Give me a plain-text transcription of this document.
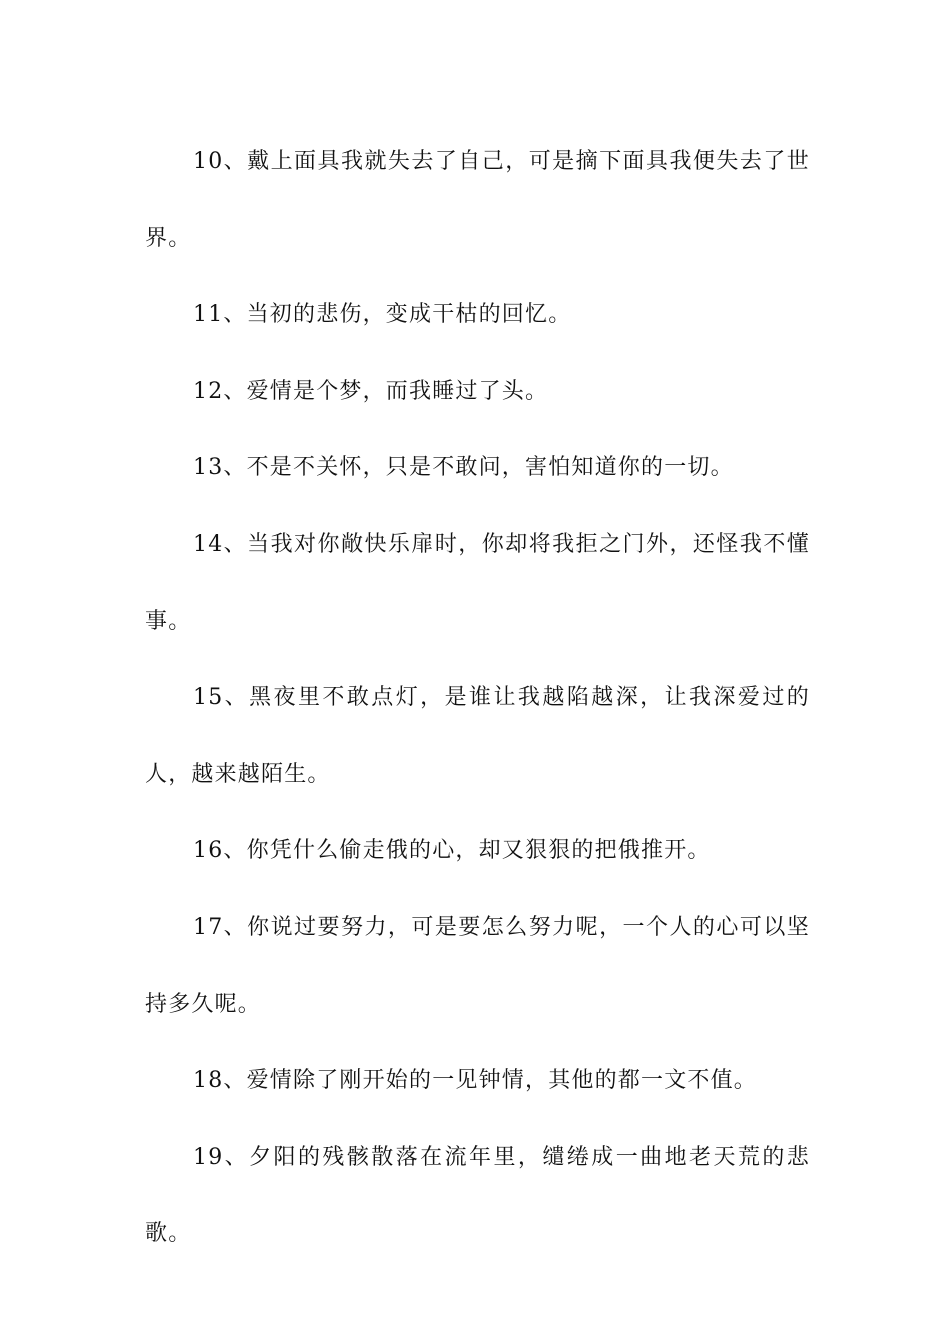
10、戴上面具我就失去了自己，可是摘下面具我便失去了世界。

11、当初的悲伤，变成干枯的回忆。

12、爱情是个梦，而我睡过了头。

13、不是不关怀，只是不敢问，害怕知道你的一切。

14、当我对你敞快乐扉时，你却将我拒之门外，还怪我不懂事。

15、黑夜里不敢点灯，是谁让我越陷越深，让我深爱过的人，越来越陌生。

16、你凭什么偷走俄的心，却又狠狠的把俄推开。

17、你说过要努力，可是要怎么努力呢，一个人的心可以坚持多久呢。

18、爱情除了刚开始的一见钟情，其他的都一文不值。

19、夕阳的残骸散落在流年里，缱绻成一曲地老天荒的悲歌。
